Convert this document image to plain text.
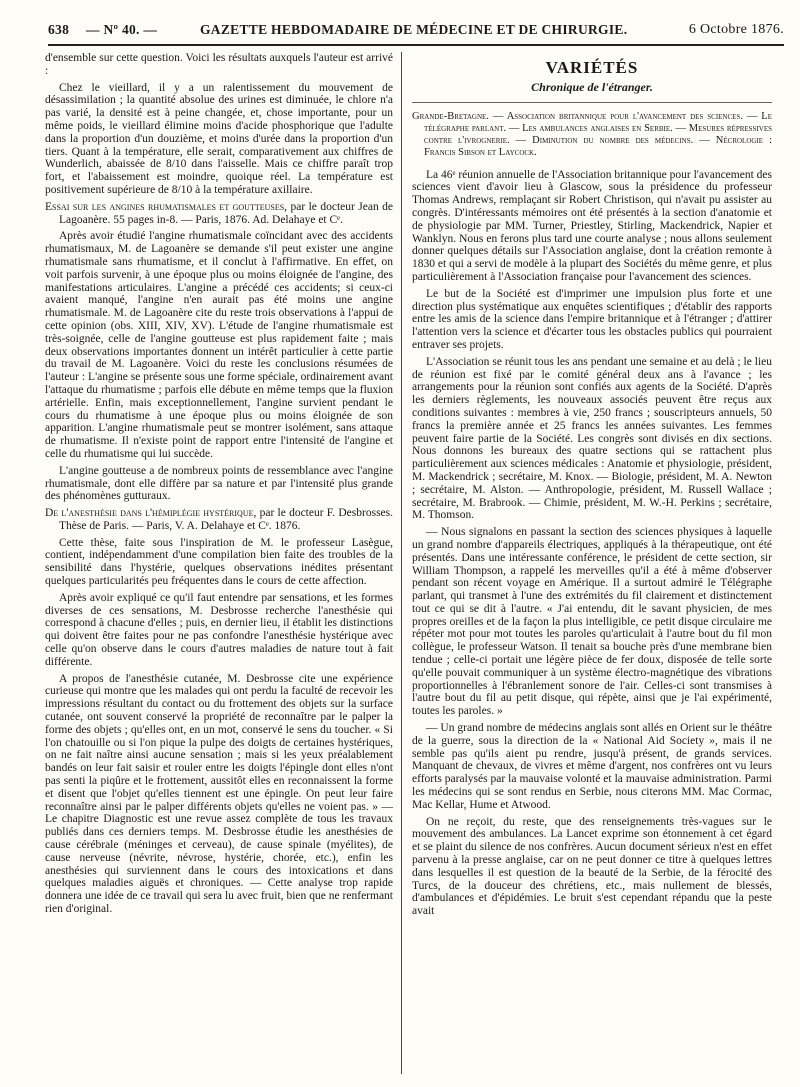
638 — Nº 40. —	GAZETTE HEBDOMADAIRE DE MÉDECINE ET DE CHIRURGIE.	6 Octobre 1876.

d'ensemble sur cette question. Voici les résultats auxquels l'auteur est arrivé :

Chez le vieillard, il y a un ralentissement du mouvement de désassimilation ; la quantité absolue des urines est diminuée, le chlore n'a pas varié, la densité est à peine changée, et, chose importante, pour un même poids, le vieillard élimine moins d'acide phosphorique que l'adulte dans la proportion d'un douzième, et moins d'urée dans la proportion d'un tiers. Quant à la température, elle serait, comparativement aux chiffres de Wunderlich, abaissée de 8/10 dans l'aisselle. Mais ce chiffre paraît trop fort, et l'abaissement est moindre, quoique réel. La température est positivement supérieure de 8/10 à la température axillaire.

Essai sur les angines rhumatismales et goutteuses, par le docteur Jean de Lagoanère. 55 pages in-8. — Paris, 1876. Ad. Delahaye et Cᵉ.

Après avoir étudié l'angine rhumatismale coïncidant avec des accidents rhumatismaux, M. de Lagoanère se demande s'il peut exister une angine rhumatismale sans rhumatisme, et il conclut à l'affirmative. En effet, on voit parfois survenir, à une époque plus ou moins éloignée de l'angine, des manifestations articulaires. L'angine a précédé ces accidents; si ceux-ci avaient manqué, l'angine n'en aurait pas été moins une angine rhumatismale. M. de Lagoanère cite du reste trois observations à l'appui de cette opinion (obs. XIII, XIV, XV). L'étude de l'angine rhumatismale est très-soignée, celle de l'angine goutteuse est plus rapidement faite ; mais deux observations importantes donnent un intérêt particulier à cette partie du travail de M. Lagoanère. Voici du reste les conclusions résumées de l'auteur : L'angine se présente sous une forme spéciale, ordinairement avant l'attaque du rhumatisme ; parfois elle débute en même temps que la fluxion artérielle. Enfin, mais exceptionnellement, l'angine survient pendant le cours du rhumatisme à une époque plus ou moins éloignée de son apparition. L'angine rhumatismale peut se montrer isolément, sans attaque de rhumatisme. Il n'existe point de rapport entre l'intensité de l'angine et celle du rhumatisme qui lui succède.

L'angine goutteuse a de nombreux points de ressemblance avec l'angine rhumatismale, dont elle diffère par sa nature et par l'intensité plus grande des phénomènes gutturaux.

De l'anesthésie dans l'hémiplégie hystérique, par le docteur F. Desbrosses. Thèse de Paris. — Paris, V. A. Delahaye et Cᵉ. 1876.

Cette thèse, faite sous l'inspiration de M. le professeur Lasègue, contient, indépendamment d'une compilation bien faite des troubles de la sensibilité dans l'hystérie, quelques observations inédites présentant quelques particularités peu fréquentes dans le cours de cette affection.

Après avoir expliqué ce qu'il faut entendre par sensations, et les formes diverses de ces sensations, M. Desbrosse recherche l'anesthésie qui correspond à chacune d'elles ; puis, en dernier lieu, il établit les distinctions qui doivent être faites pour ne pas confondre l'anesthésie hystérique avec celle qu'on observe dans le cours d'autres maladies de nature tout à fait différente.

A propos de l'anesthésie cutanée, M. Desbrosse cite une expérience curieuse qui montre que les malades qui ont perdu la faculté de recevoir les impressions résultant du contact ou du frottement des objets sur la surface cutanée, ont souvent conservé la propriété de reconnaître par le palper la forme des objets ; qu'elles ont, en un mot, conservé le sens du toucher. « Si l'on chatouille ou si l'on pique la pulpe des doigts de certaines hystériques, on ne fait naître ainsi aucune sensation ; mais si les yeux préalablement bandés on leur fait saisir et rouler entre les doigts l'épingle dont elles n'ont pas senti la piqûre et le frottement, aussitôt elles en reconnaissent la forme et disent que l'objet qu'elles tiennent est une épingle. On peut leur faire reconnaître ainsi par le palper différents objets qu'elles ne voient pas. » — Le chapitre Diagnostic est une revue assez complète de tous les travaux publiés dans ces derniers temps. M. Desbrosse étudie les anesthésies de cause cérébrale (méninges et cerveau), de cause spinale (myélites), de cause nerveuse (névrite, névrose, hystérie, chorée, etc.), enfin les anesthésies qui surviennent dans le cours des intoxications et dans quelques maladies aiguës et chroniques. — Cette analyse trop rapide donnera une idée de ce travail qui sera lu avec fruit, bien que ne renfermant rien d'original.

VARIÉTÉS
Chronique de l'étranger.

Grande-Bretagne. — Association britannique pour l'avancement des sciences. — Le télégraphe parlant. — Les ambulances anglaises en Serbie. — Mesures répressives contre l'ivrognerie. — Diminution du nombre des médecins. — Nécrologie : Francis Sibson et Laycock.

La 46ᵉ réunion annuelle de l'Association britannique pour l'avancement des sciences vient d'avoir lieu à Glascow, sous la présidence du professeur Thomas Andrews, remplaçant sir Robert Christison, qui n'avait pu assister au congrès. D'intéressants mémoires ont été présentés à la section d'anatomie et de physiologie par MM. Turner, Priestley, Stirling, Mackendrick, Napier et Wanklyn. Nous en ferons plus tard une courte analyse ; nous allons seulement donner quelques détails sur l'Association anglaise, dont la création remonte à 1830 et qui a servi de modèle à la plupart des Sociétés du même genre, et plus particulièrement à l'Association française pour l'avancement des sciences.

Le but de la Société est d'imprimer une impulsion plus forte et une direction plus systématique aux enquêtes scientifiques ; d'établir des rapports entre les amis de la science dans l'empire britannique et à l'étranger ; d'attirer l'attention vers la science et d'écarter tous les obstacles publics qui pourraient entraver ses projets.

L'Association se réunit tous les ans pendant une semaine et au delà ; le lieu de réunion est fixé par le comité général deux ans à l'avance ; les arrangements pour la réunion sont confiés aux agents de la Société. D'après les derniers règlements, les nouveaux associés peuvent être reçus aux conditions suivantes : membres à vie, 250 francs ; souscripteurs annuels, 50 francs la première année et 25 francs les années suivantes. Les femmes peuvent faire partie de la Société. Les congrès sont divisés en dix sections. Nous donnons les bureaux des quatre sections qui se rattachent plus particulièrement aux sciences médicales : Anatomie et physiologie, président, M. Mackendrick ; secrétaire, M. Knox. — Biologie, président, M. A. Newton ; secrétaire, M. Alston. — Anthropologie, président, M. Russell Wallace ; secrétaire, M. Brabrook. — Chimie, président, M. W.-H. Perkins ; secrétaire, M. Thomson.

— Nous signalons en passant la section des sciences physiques à laquelle un grand nombre d'appareils électriques, appliqués à la thérapeutique, ont été présentés. Dans une intéressante conférence, le président de cette section, sir William Thompson, a rappelé les merveilles qu'il a été à même d'observer pendant son récent voyage en Amérique. Il a surtout admiré le Télégraphe parlant, qui transmet à l'une des extrémités du fil clairement et distinctement tout ce qui se dit à l'autre. « J'ai entendu, dit le savant physicien, de mes propres oreilles et de la façon la plus intelligible, ce petit disque circulaire me répéter mot pour mot toutes les paroles qu'articulait à l'autre bout du fil mon collègue, le professeur Watson. Il tenait sa bouche près d'une membrane bien tendue ; celle-ci portait une légère pièce de fer doux, disposée de telle sorte qu'elle pouvait communiquer à un système électro-magnétique des vibrations proportionnelles à l'ébranlement sonore de l'air. Celles-ci sont transmises à l'autre bout du fil au petit disque, qui répète, ainsi que je l'ai expérimenté, toutes les paroles. »

— Un grand nombre de médecins anglais sont allés en Orient sur le théâtre de la guerre, sous la direction de la « National Aid Society », mais il ne semble pas qu'ils aient pu rendre, jusqu'à présent, de grands services. Manquant de chevaux, de vivres et même d'argent, nos confrères ont vu leurs efforts paralysés par la mauvaise volonté et la mauvaise administration. Parmi les médecins qui se sont rendus en Serbie, nous citerons MM. Mac Cormac, Mac Kellar, Hume et Atwood.

On ne reçoit, du reste, que des renseignements très-vagues sur le mouvement des ambulances. La Lancet exprime son étonnement à cet égard et se plaint du silence de nos confrères. Aucun document sérieux n'est en effet parvenu à la presse anglaise, car on ne peut donner ce titre à quelques lettres dans lesquelles il est question de la beauté de la Serbie, de la férocité des Turcs, de la douceur des chrétiens, etc., mais nullement de blessés, d'ambulances et d'épidémies. Le bruit s'est cependant répandu que la peste avait
